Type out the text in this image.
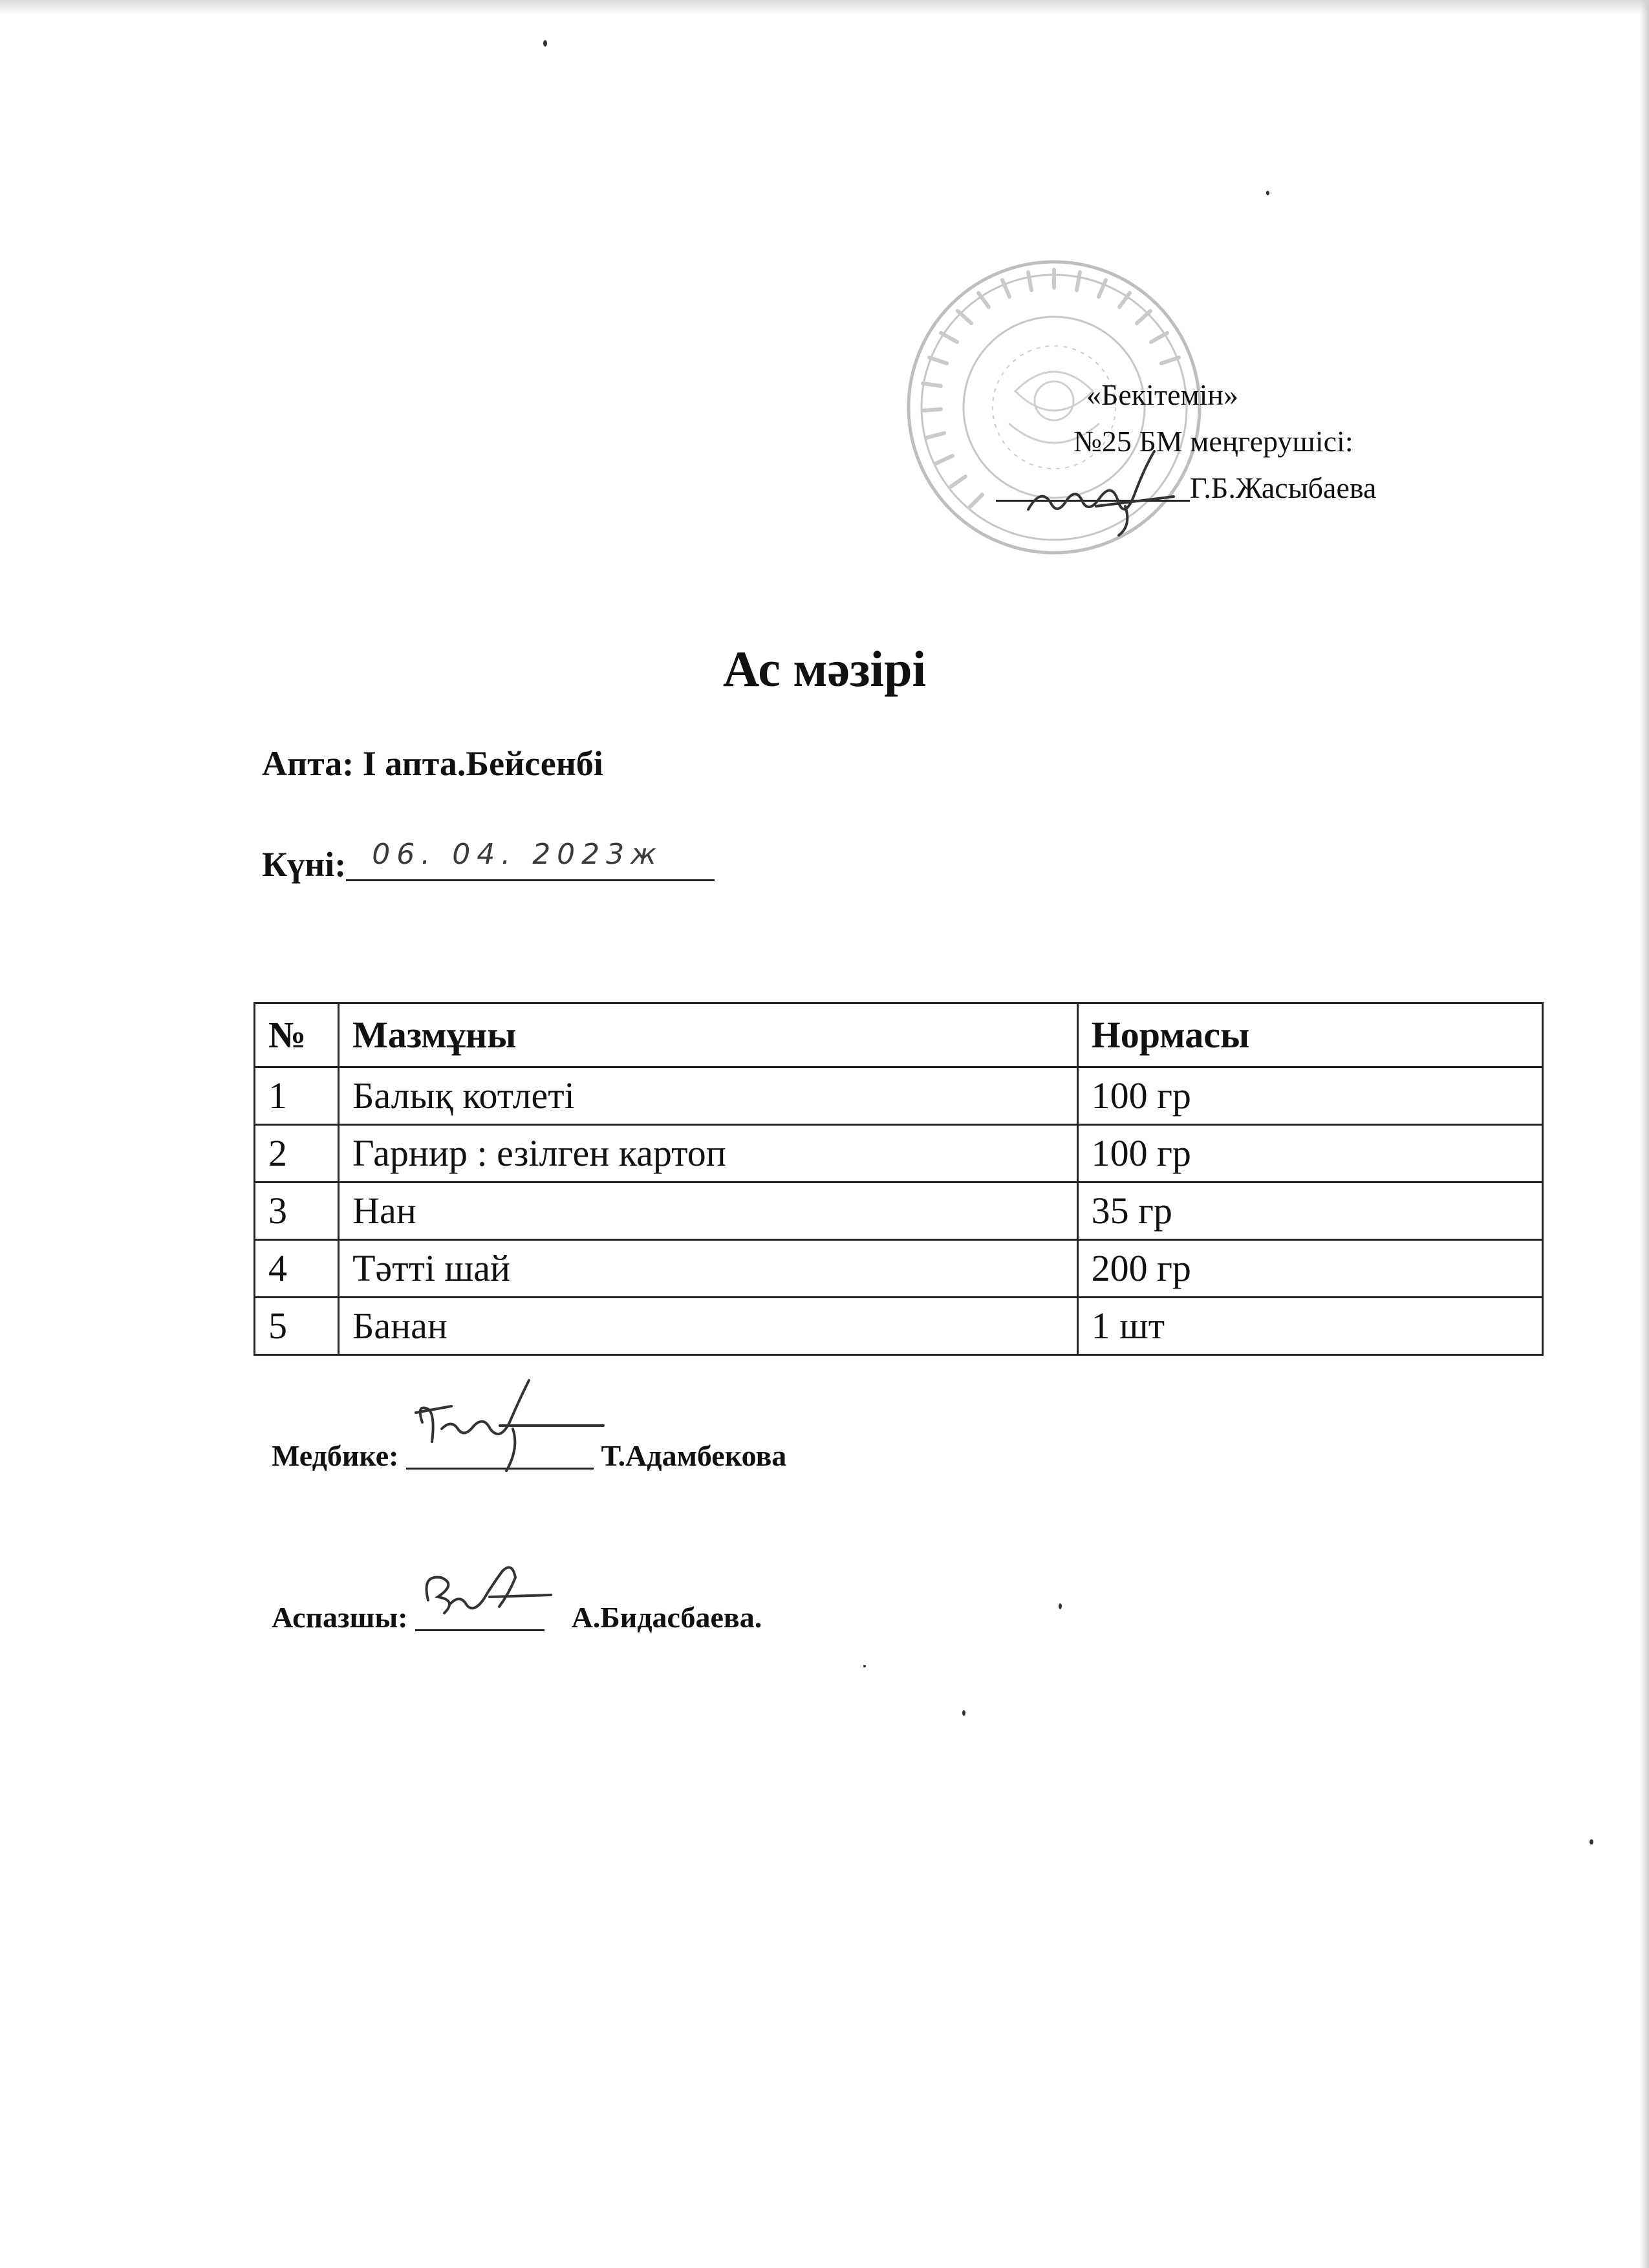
«Бекітемін»
№25 БМ меңгерушісі:
Г.Б.Жасыбаева
Ас мәзірі
Апта: І апта.Бейсенбі
Күні: 06. 04. 2023ж
№	Мазмұны	Нормасы
1	Балық котлеті	100 гр
2	Гарнир : езілген картоп	100 гр
3	Нан	35 гр
4	Тәтті шай	200 гр
5	Банан	1 шт
Медбике:	Т.Адамбекова
Аспазшы:	А.Бидасбаева.
